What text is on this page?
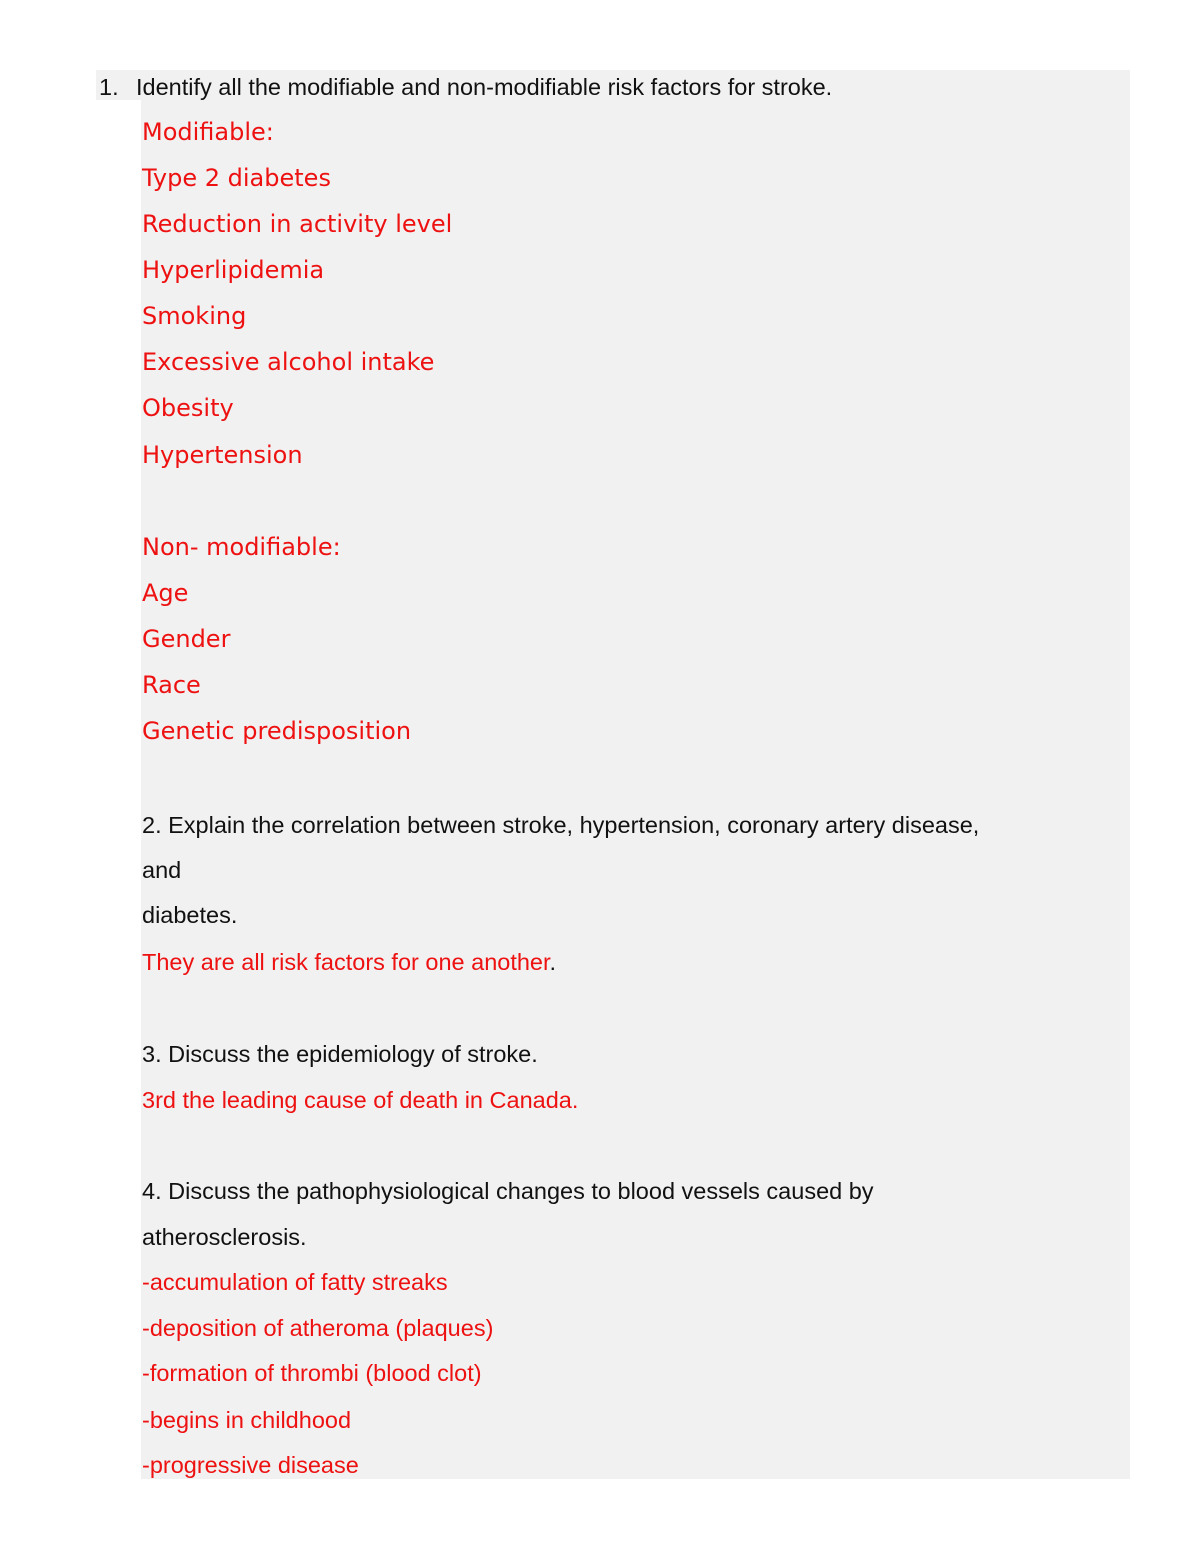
1. Identify all the modifiable and non-modifiable risk factors for stroke.
Modifiable:
Type 2 diabetes
Reduction in activity level
Hyperlipidemia
Smoking
Excessive alcohol intake
Obesity
Hypertension
Non- modifiable:
Age
Gender
Race
Genetic predisposition
2. Explain the correlation between stroke, hypertension, coronary artery disease,
and
diabetes.
They are all risk factors for one another.
3. Discuss the epidemiology of stroke.
3rd the leading cause of death in Canada.
4. Discuss the pathophysiological changes to blood vessels caused by
atherosclerosis.
-accumulation of fatty streaks
-deposition of atheroma (plaques)
-formation of thrombi (blood clot)
-begins in childhood
-progressive disease
